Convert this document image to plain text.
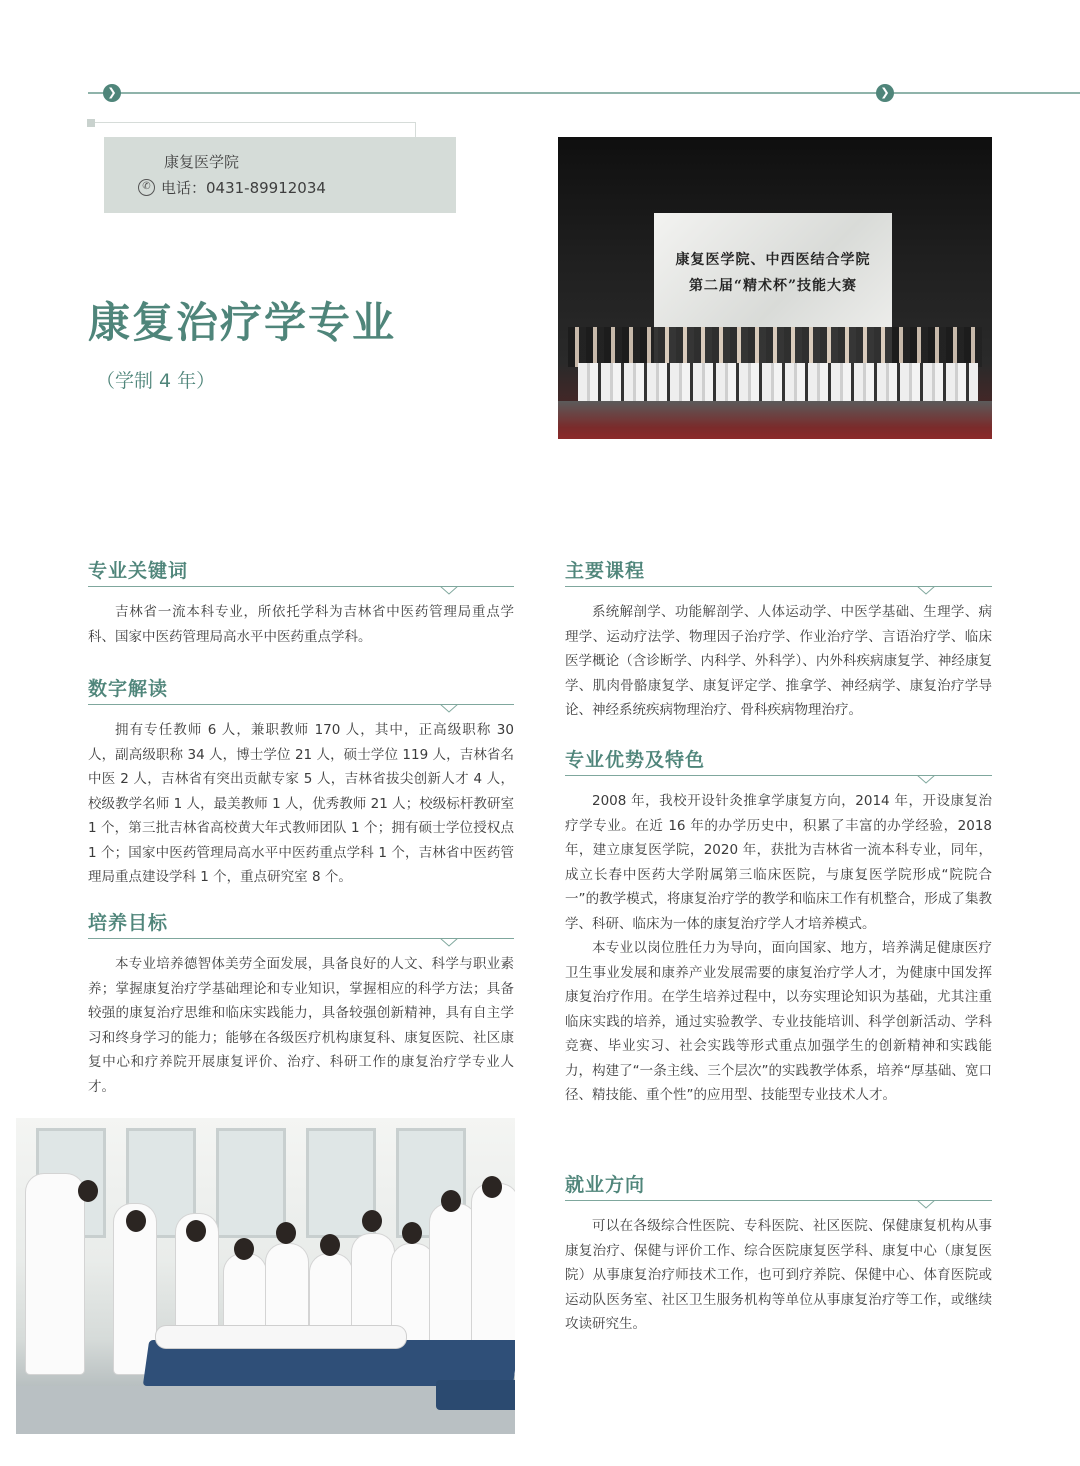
❯	❯
康复医学院
✆ 电话：0431-89912034
康复治疗学专业
（学制 4 年）
康复医学院、中西医结合学院
第二届“精术杯”技能大赛
专业关键词

吉林省一流本科专业，所依托学科为吉林省中医药管理局重点学科、国家中医药管理局高水平中医药重点学科。

数字解读

拥有专任教师 6 人，兼职教师 170 人，其中，正高级职称 30 人，副高级职称 34 人，博士学位 21 人，硕士学位 119 人，吉林省名中医 2 人，吉林省有突出贡献专家 5 人，吉林省拔尖创新人才 4 人，校级教学名师 1 人，最美教师 1 人，优秀教师 21 人；校级标杆教研室 1 个，第三批吉林省高校黄大年式教师团队 1 个；拥有硕士学位授权点 1 个；国家中医药管理局高水平中医药重点学科 1 个，吉林省中医药管理局重点建设学科 1 个，重点研究室 8 个。

培养目标

本专业培养德智体美劳全面发展，具备良好的人文、科学与职业素养；掌握康复治疗学基础理论和专业知识，掌握相应的科学方法；具备较强的康复治疗思维和临床实践能力，具备较强创新精神，具有自主学习和终身学习的能力；能够在各级医疗机构康复科、康复医院、社区康复中心和疗养院开展康复评价、治疗、科研工作的康复治疗学专业人才。

主要课程

系统解剖学、功能解剖学、人体运动学、中医学基础、生理学、病理学、运动疗法学、物理因子治疗学、作业治疗学、言语治疗学、临床医学概论（含诊断学、内科学、外科学）、内外科疾病康复学、神经康复学、肌肉骨骼康复学、康复评定学、推拿学、神经病学、康复治疗学导论、神经系统疾病物理治疗、骨科疾病物理治疗。

专业优势及特色

2008 年，我校开设针灸推拿学康复方向，2014 年，开设康复治疗学专业。在近 16 年的办学历史中，积累了丰富的办学经验，2018 年，建立康复医学院，2020 年，获批为吉林省一流本科专业，同年，成立长春中医药大学附属第三临床医院，与康复医学院形成“院院合一”的教学模式，将康复治疗学的教学和临床工作有机整合，形成了集教学、科研、临床为一体的康复治疗学人才培养模式。

本专业以岗位胜任力为导向，面向国家、地方，培养满足健康医疗卫生事业发展和康养产业发展需要的康复治疗学人才，为健康中国发挥康复治疗作用。在学生培养过程中，以夯实理论知识为基础，尤其注重临床实践的培养，通过实验教学、专业技能培训、科学创新活动、学科竞赛、毕业实习、社会实践等形式重点加强学生的创新精神和实践能力，构建了“一条主线、三个层次”的实践教学体系，培养“厚基础、宽口径、精技能、重个性”的应用型、技能型专业技术人才。

就业方向

可以在各级综合性医院、专科医院、社区医院、保健康复机构从事康复治疗、保健与评价工作、综合医院康复医学科、康复中心（康复医院）从事康复治疗师技术工作，也可到疗养院、保健中心、体育医院或运动队医务室、社区卫生服务机构等单位从事康复治疗等工作，或继续攻读研究生。
